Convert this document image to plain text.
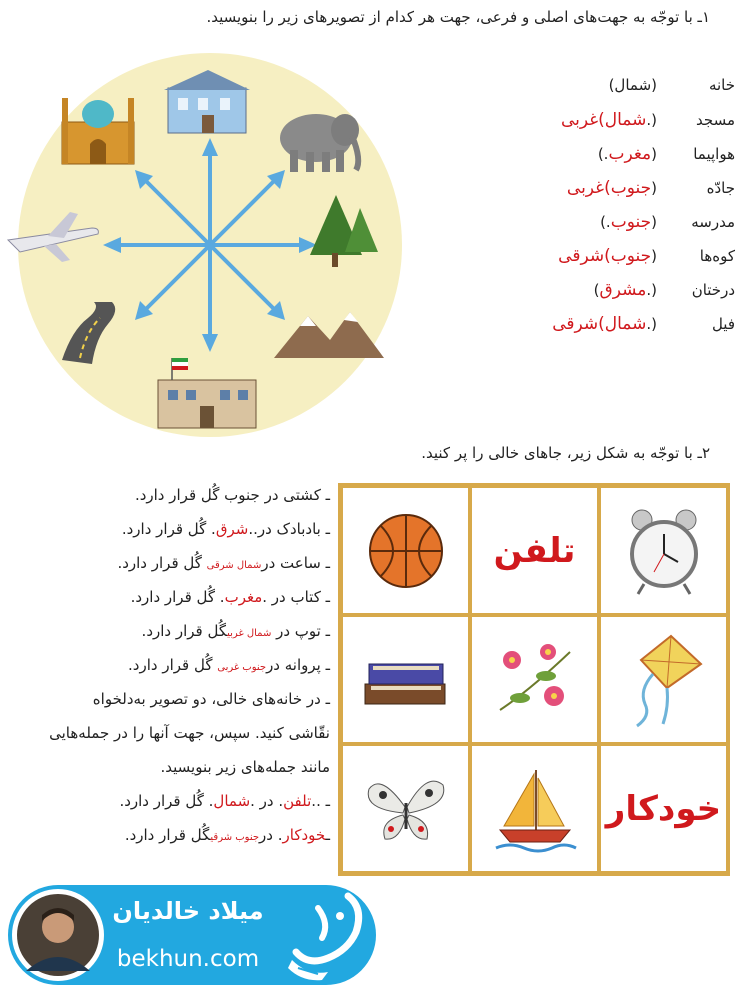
۱ـ با توجّه به جهت‌های اصلی و فرعی، جهت هر کدام از تصویرهای زیر را بنویسید.
خانه
(
شمال
)
مسجد
(.
شمال)غربی
هواپیما
(
مغرب
.)
جادّه
(
جنوب)غربی
مدرسه
(
جنوب
.)
کوه‌ها
(
جنوب)شرقی
درختان
(.
مشرق
)
فیل
(.
شمال)شرقی
۲ـ با توجّه به شکل زیر، جاهای خالی را پر کنید.
ـ کشتی در جنوب گُل قرار دارد.
ـ بادبادک در..شرق. گُل قرار دارد.
ـ ساعت درشمال شرقی گُل قرار دارد.
ـ کتاب در .مغرب. گُل قرار دارد.
ـ توپ در شمال غربیگُل قرار دارد.
ـ پروانه درجنوب غربی گُل قرار دارد.
ـ در خانه‌های خالی، دو تصویر به‌دلخواه
نقّاشی کنید. سپس، جهت آنها را در جمله‌هایی
مانند جمله‌های زیر بنویسید.
ـ ..تلفن. در .شمال. گُل قرار دارد.
ـخودکار. درجنوب شرقیگُل قرار دارد.
تلفن
خودکار
میلاد خالدیان
bekhun.com
